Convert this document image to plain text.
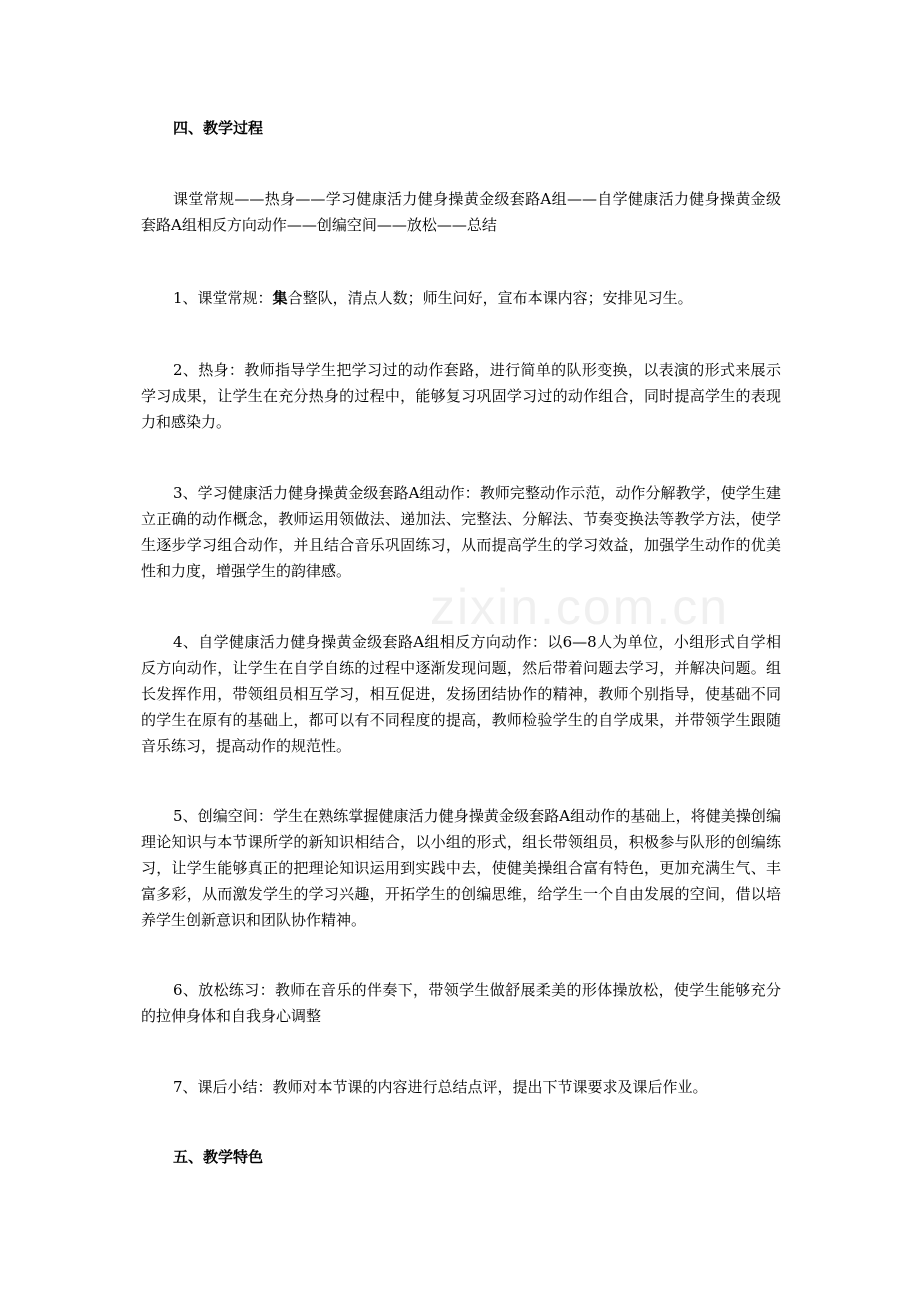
四、教学过程
课堂常规——热身——学习健康活力健身操黄金级套路A组——自学健康活力健身操黄金级套路A组相反方向动作——创编空间——放松——总结
1、课堂常规：集合整队，清点人数；师生问好，宣布本课内容；安排见习生。
2、热身：教师指导学生把学习过的动作套路，进行简单的队形变换，以表演的形式来展示学习成果，让学生在充分热身的过程中，能够复习巩固学习过的动作组合，同时提高学生的表现力和感染力。
3、学习健康活力健身操黄金级套路A组动作：教师完整动作示范，动作分解教学，使学生建立正确的动作概念，教师运用领做法、递加法、完整法、分解法、节奏变换法等教学方法，使学生逐步学习组合动作，并且结合音乐巩固练习，从而提高学生的学习效益，加强学生动作的优美性和力度，增强学生的韵律感。
4、自学健康活力健身操黄金级套路A组相反方向动作：以6—8人为单位，小组形式自学相反方向动作，让学生在自学自练的过程中逐渐发现问题，然后带着问题去学习，并解决问题。组长发挥作用，带领组员相互学习，相互促进，发扬团结协作的精神，教师个别指导，使基础不同的学生在原有的基础上，都可以有不同程度的提高，教师检验学生的自学成果，并带领学生跟随音乐练习，提高动作的规范性。
5、创编空间：学生在熟练掌握健康活力健身操黄金级套路A组动作的基础上，将健美操创编理论知识与本节课所学的新知识相结合，以小组的形式，组长带领组员，积极参与队形的创编练习，让学生能够真正的把理论知识运用到实践中去，使健美操组合富有特色，更加充满生气、丰富多彩，从而激发学生的学习兴趣，开拓学生的创编思维，给学生一个自由发展的空间，借以培养学生创新意识和团队协作精神。
6、放松练习：教师在音乐的伴奏下，带领学生做舒展柔美的形体操放松，使学生能够充分的拉伸身体和自我身心调整
7、课后小结：教师对本节课的内容进行总结点评，提出下节课要求及课后作业。
五、教学特色
zixin.com.cn
